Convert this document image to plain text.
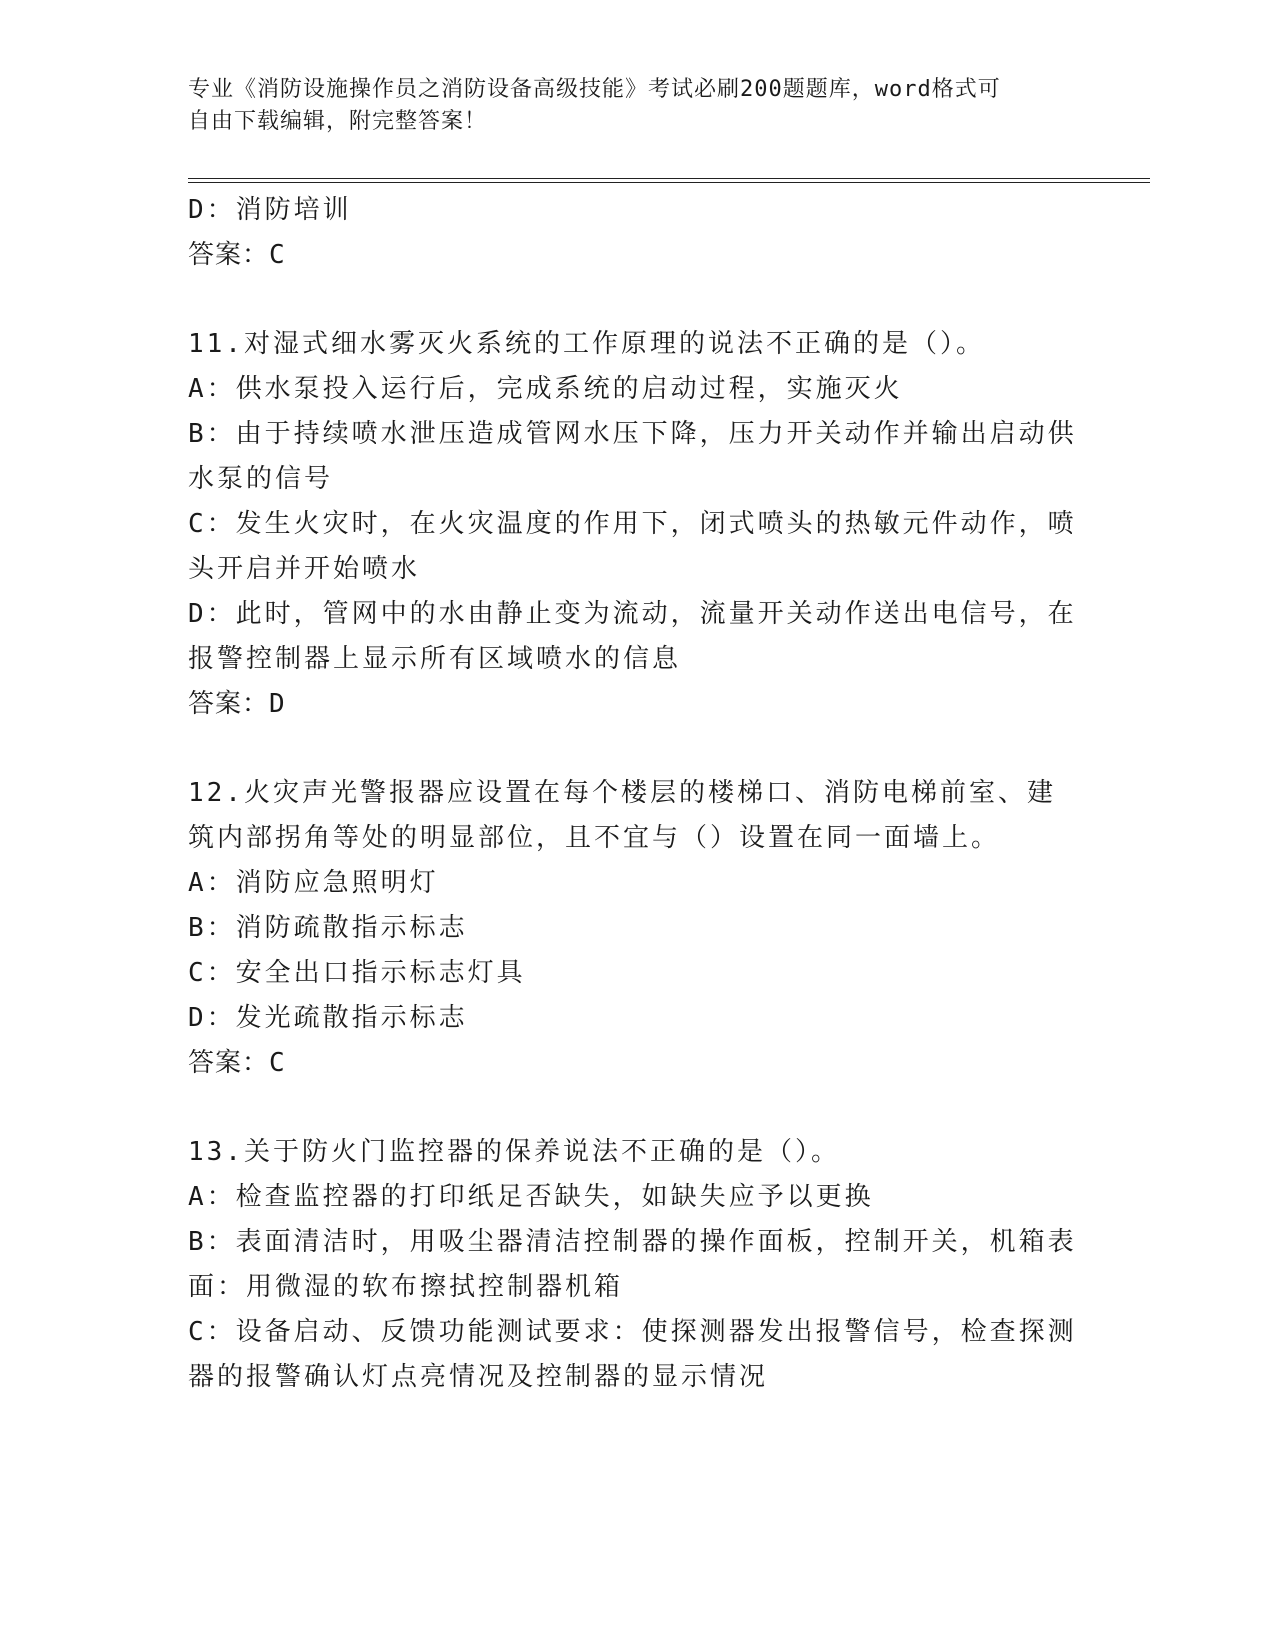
专业《消防设施操作员之消防设备高级技能》考试必刷200题题库，word格式可
自由下载编辑，附完整答案！
D：消防培训
答案：C
11.对湿式细水雾灭火系统的工作原理的说法不正确的是（）。
A：供水泵投入运行后，完成系统的启动过程，实施灭火
B：由于持续喷水泄压造成管网水压下降，压力开关动作并输出启动供水泵的信号
C：发生火灾时，在火灾温度的作用下，闭式喷头的热敏元件动作，喷头开启并开始喷水
D：此时，管网中的水由静止变为流动，流量开关动作送出电信号，在报警控制器上显示所有区域喷水的信息
答案：D
12.火灾声光警报器应设置在每个楼层的楼梯口、消防电梯前室、建筑内部拐角等处的明显部位，且不宜与（）设置在同一面墙上。
A：消防应急照明灯
B：消防疏散指示标志
C：安全出口指示标志灯具
D：发光疏散指示标志
答案：C
13.关于防火门监控器的保养说法不正确的是（）。
A：检查监控器的打印纸足否缺失，如缺失应予以更换
B：表面清洁时，用吸尘器清洁控制器的操作面板，控制开关，机箱表面：用微湿的软布擦拭控制器机箱
C：设备启动、反馈功能测试要求：使探测器发出报警信号，检查探测器的报警确认灯点亮情况及控制器的显示情况
